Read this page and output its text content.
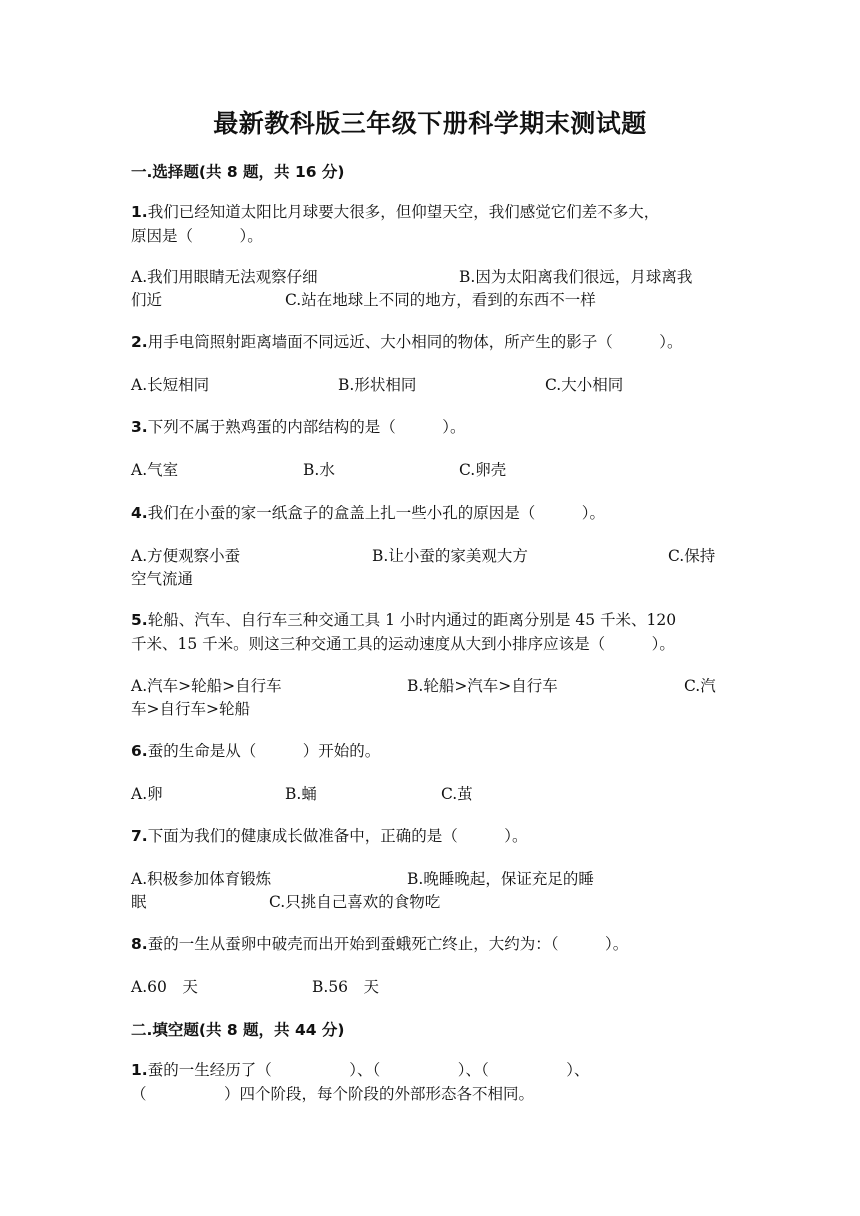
最新教科版三年级下册科学期末测试题
一.选择题(共 8 题，共 16 分)
1.我们已经知道太阳比月球要大很多，但仰望天空，我们感觉它们差不多大，
原因是（　　　）。
A.我们用眼睛无法观察仔细	B.因为太阳离我们很远，月球离我
们近	C.站在地球上不同的地方，看到的东西不一样
2.用手电筒照射距离墙面不同远近、大小相同的物体，所产生的影子（　　　）。
A.长短相同	B.形状相同	C.大小相同
3.下列不属于熟鸡蛋的内部结构的是（　　　）。
A.气室	B.水	C.卵壳
4.我们在小蚕的家一纸盒子的盒盖上扎一些小孔的原因是（　　　）。
A.方便观察小蚕	B.让小蚕的家美观大方	C.保持
空气流通
5.轮船、汽车、自行车三种交通工具 1 小时内通过的距离分别是 45 千米、120
千米、15 千米。则这三种交通工具的运动速度从大到小排序应该是（　　　）。
A.汽车>轮船>自行车	B.轮船>汽车>自行车	C.汽
车>自行车>轮船
6.蚕的生命是从（　　　）开始的。
A.卵	B.蛹	C.茧
7.下面为我们的健康成长做准备中，正确的是（　　　）。
A.积极参加体育锻炼	B.晚睡晚起，保证充足的睡
眠	C.只挑自己喜欢的食物吃
8.蚕的一生从蚕卵中破壳而出开始到蚕蛾死亡终止，大约为：（　　　）。
A.60　天	B.56　天
二.填空题(共 8 题，共 44 分)
1.蚕的一生经历了（　　　　　）、（　　　　　）、（　　　　　）、
（　　　　　）四个阶段，每个阶段的外部形态各不相同。
